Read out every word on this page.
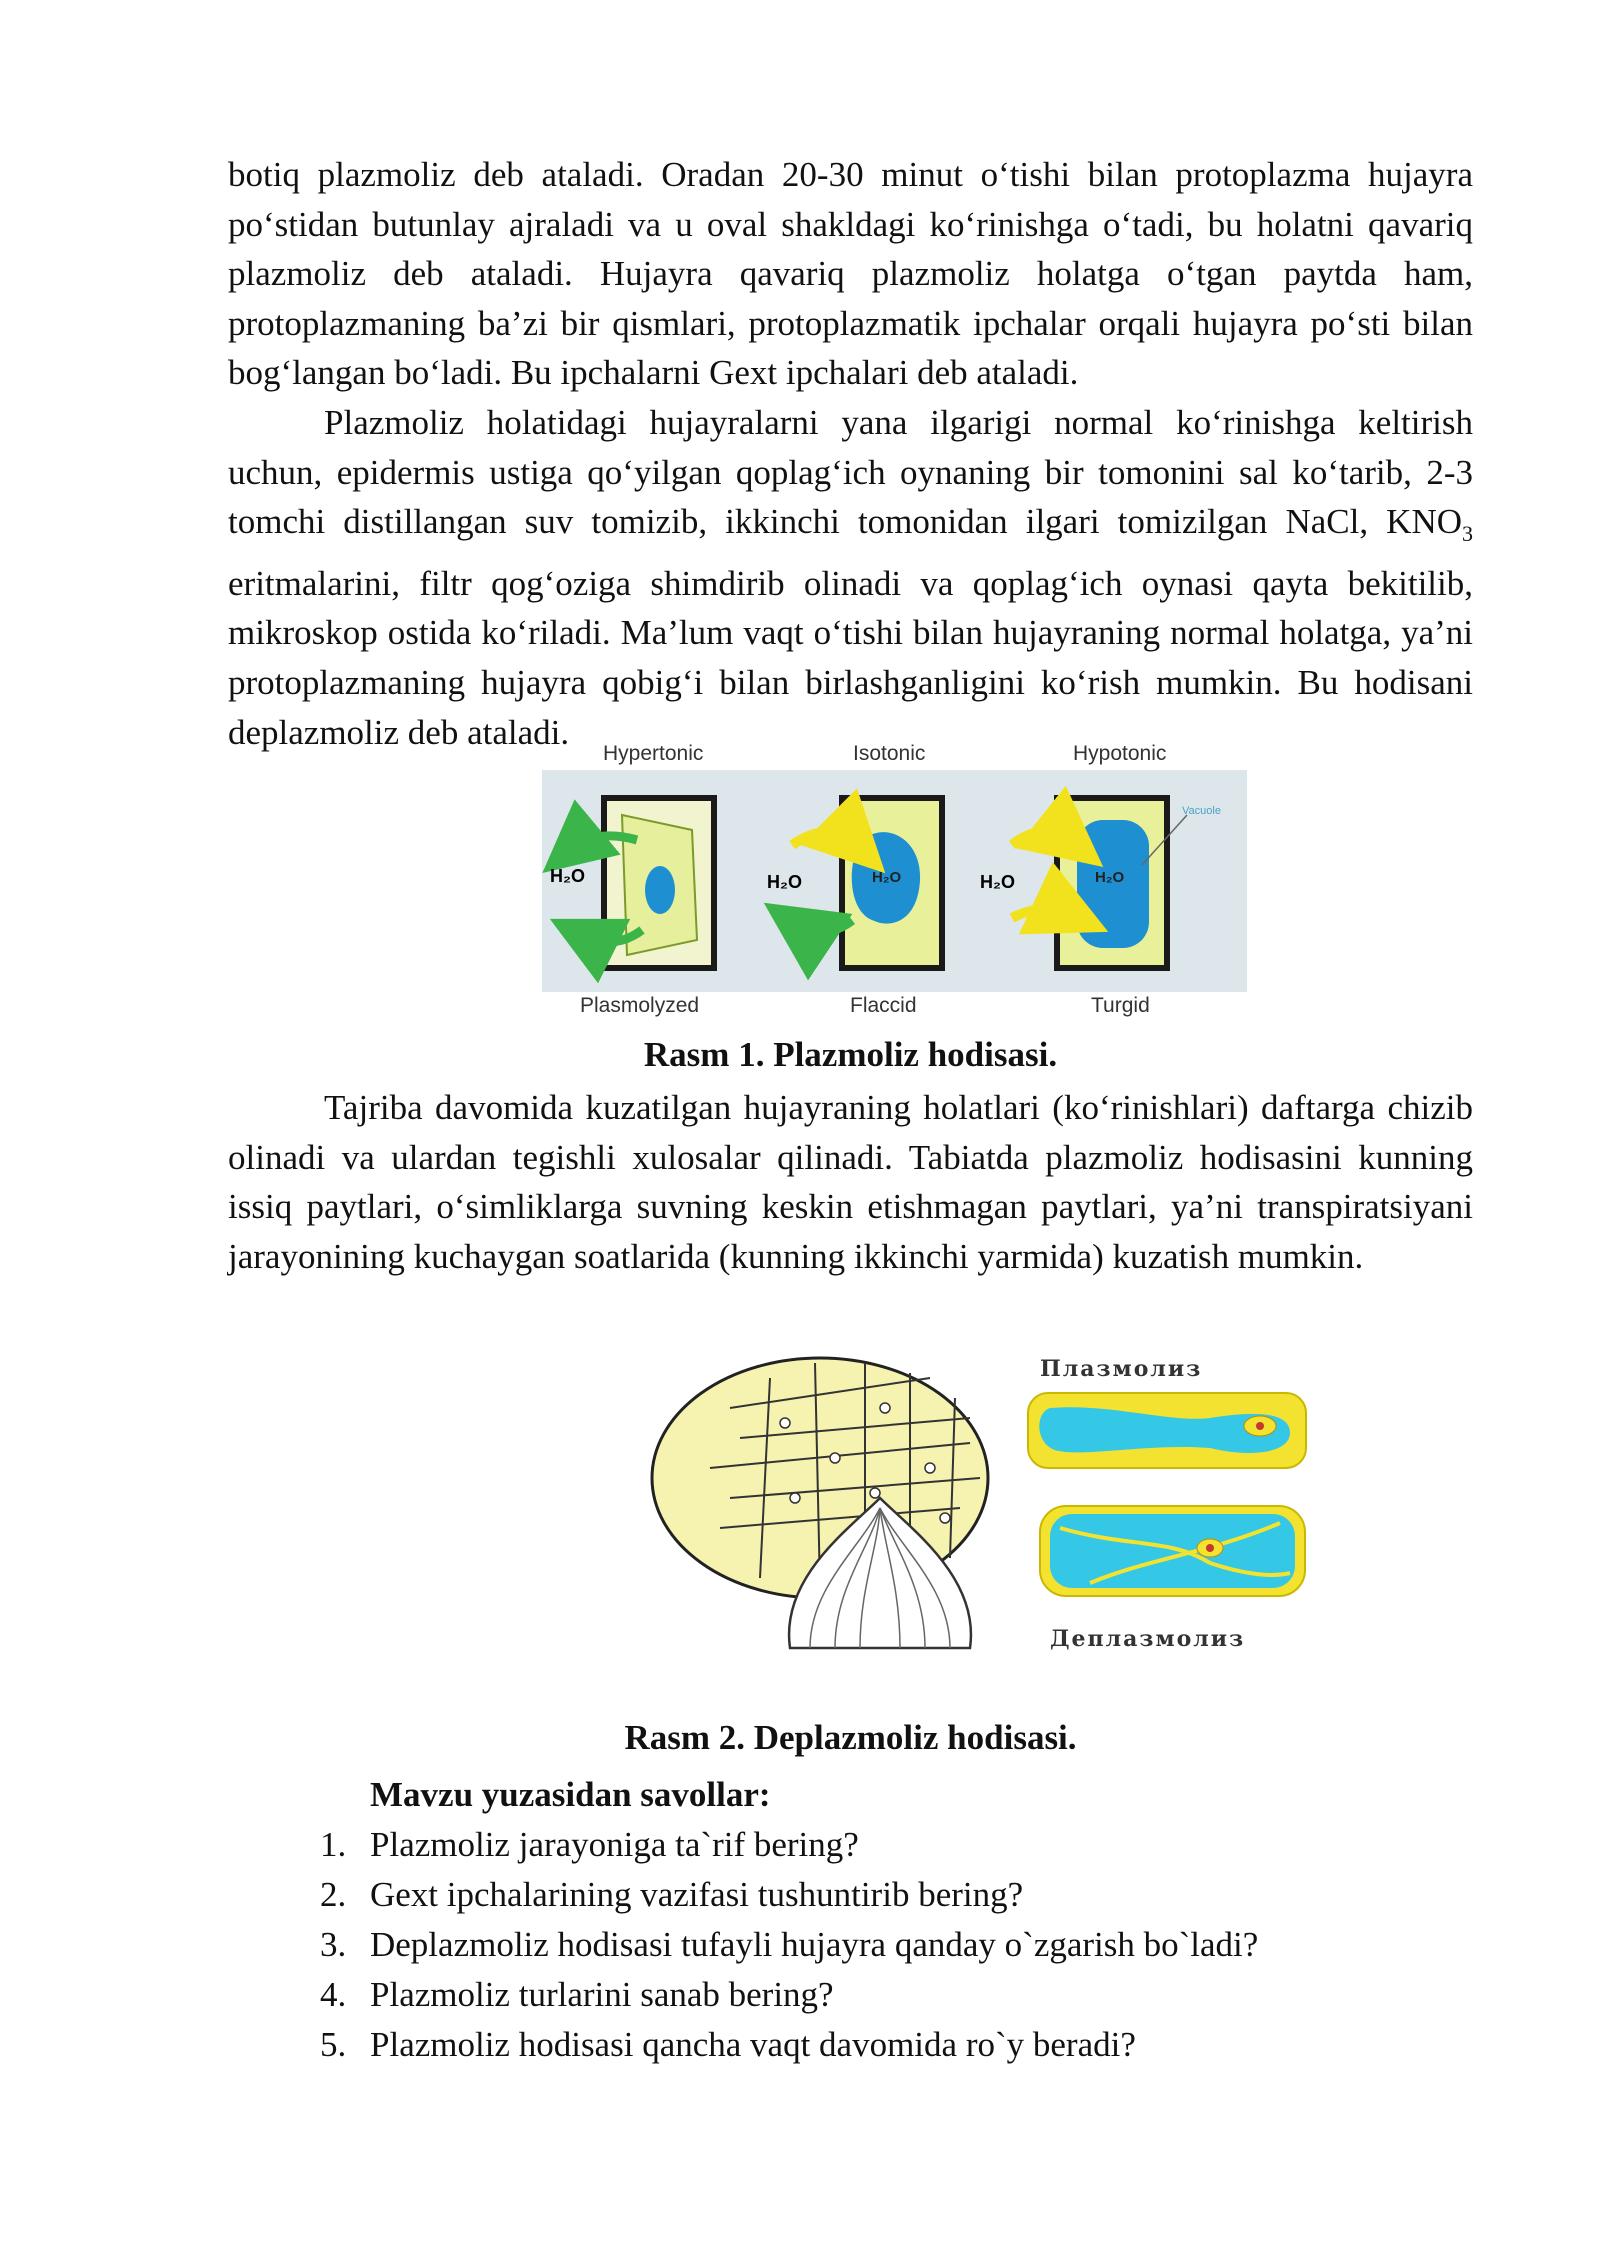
botiq plazmoliz deb ataladi. Oradan 20-30 minut o‘tishi bilan protoplazma hujayra po‘stidan butunlay ajraladi va u oval shakldagi ko‘rinishga o‘tadi, bu holatni qavariq plazmoliz deb ataladi. Hujayra qavariq plazmoliz holatga o‘tgan paytda ham, protoplazmaning ba’zi bir qismlari, protoplazmatik ipchalar orqali hujayra po‘sti bilan bog‘langan bo‘ladi. Bu ipchalarni Gext ipchalari deb ataladi.

Plazmoliz holatidagi hujayralarni yana ilgarigi normal ko‘rinishga keltirish uchun, epidermis ustiga qo‘yilgan qoplag‘ich oynaning bir tomonini sal ko‘tarib, 2-3 tomchi distillangan suv tomizib, ikkinchi tomonidan ilgari tomizilgan NaCl, $KNO_3$ eritmalarini, filtr qog‘oziga shimdirib olinadi va qoplag‘ich oynasi qayta bekitilib, mikroskop ostida ko‘riladi. Ma’lum vaqt o‘tishi bilan hujayraning normal holatga, ya’ni protoplazmaning hujayra qobig‘i bilan birlashganligini ko‘rish mumkin. Bu hodisani deplazmoliz deb ataladi.

Hypertonic	Isotonic	Hypotonic
H₂O	H₂O	H₂O	H₂O	H₂O
Vacuole
Plasmolyzed	Flaccid	Turgid
Rasm 1. Plazmoliz hodisasi.

Tajriba davomida kuzatilgan hujayraning holatlari (ko‘rinishlari) daftarga chizib olinadi va ulardan tegishli xulosalar qilinadi. Tabiatda plazmoliz hodisasini kunning issiq paytlari, o‘simliklarga suvning keskin etishmagan paytlari, ya’ni transpiratsiyani jarayonining kuchaygan soatlarida (kunning ikkinchi yarmida) kuzatish mumkin.

Плазмолиз
Деплазмолиз
Rasm 2. Deplazmoliz hodisasi.
Mavzu yuzasidan savollar:
1. Plazmoliz jarayoniga ta`rif bering?
2. Gext ipchalarining vazifasi tushuntirib bering?
3. Deplazmoliz hodisasi tufayli hujayra qanday o`zgarish bo`ladi?
4. Plazmoliz turlarini sanab bering?
5. Plazmoliz hodisasi qancha vaqt davomida ro`y beradi?
